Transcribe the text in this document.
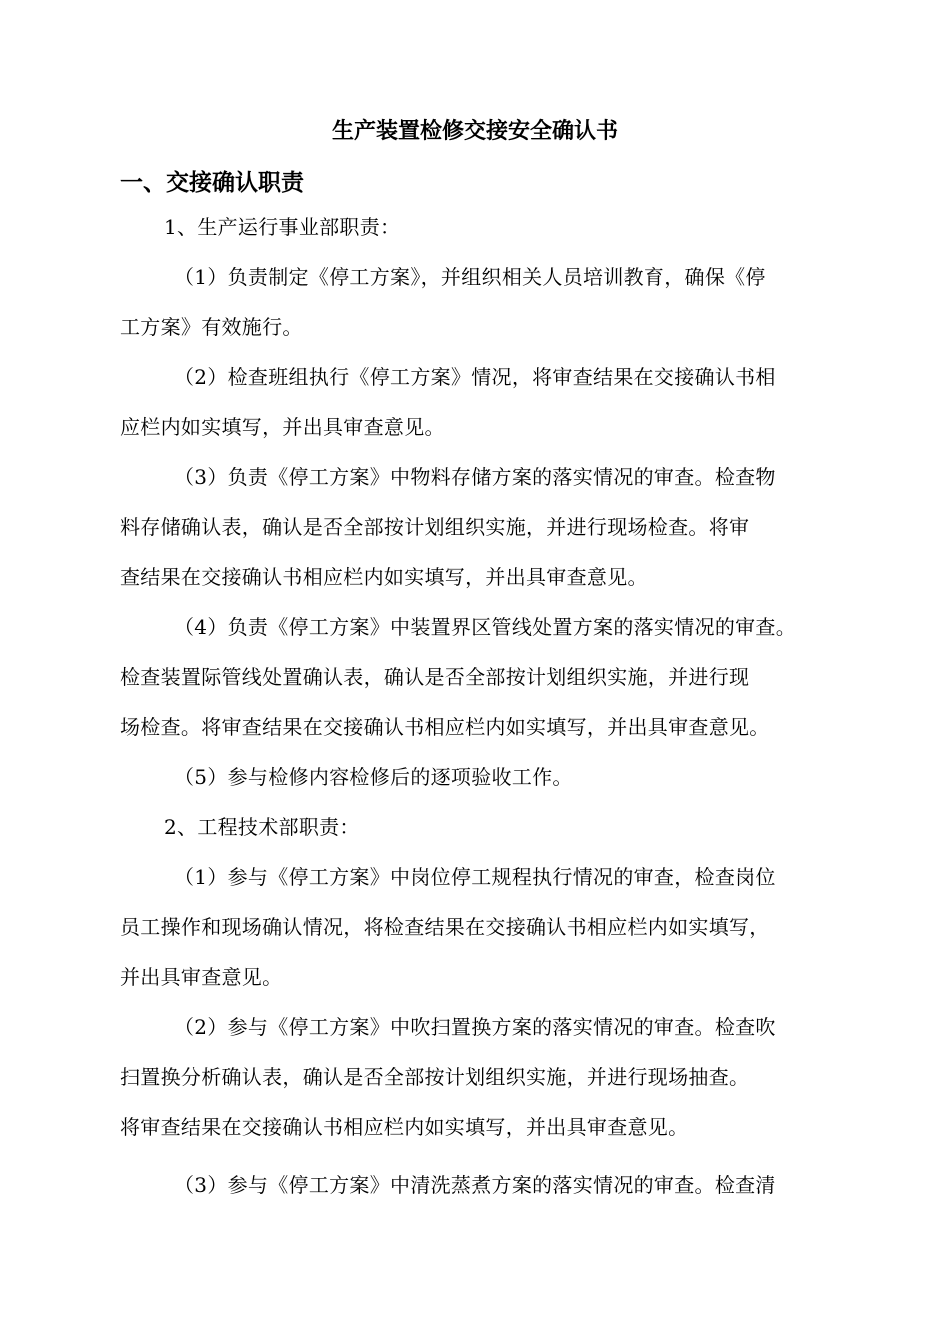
生产装置检修交接安全确认书
一、交接确认职责
1、生产运行事业部职责：
（1）负责制定《停工方案》，并组织相关人员培训教育，确保《停
工方案》有效施行。
（2）检查班组执行《停工方案》情况，将审查结果在交接确认书相
应栏内如实填写，并出具审查意见。
（3）负责《停工方案》中物料存储方案的落实情况的审查。检查物
料存储确认表，确认是否全部按计划组织实施，并进行现场检查。将审
查结果在交接确认书相应栏内如实填写，并出具审查意见。
（4）负责《停工方案》中装置界区管线处置方案的落实情况的审查。
检查装置际管线处置确认表，确认是否全部按计划组织实施，并进行现
场检查。将审查结果在交接确认书相应栏内如实填写，并出具审查意见。
（5）参与检修内容检修后的逐项验收工作。
2、工程技术部职责：
（1）参与《停工方案》中岗位停工规程执行情况的审查，检查岗位
员工操作和现场确认情况，将检查结果在交接确认书相应栏内如实填写，
并出具审查意见。
（2）参与《停工方案》中吹扫置换方案的落实情况的审查。检查吹
扫置换分析确认表，确认是否全部按计划组织实施，并进行现场抽查。
将审查结果在交接确认书相应栏内如实填写，并出具审查意见。
（3）参与《停工方案》中清洗蒸煮方案的落实情况的审查。检查清
